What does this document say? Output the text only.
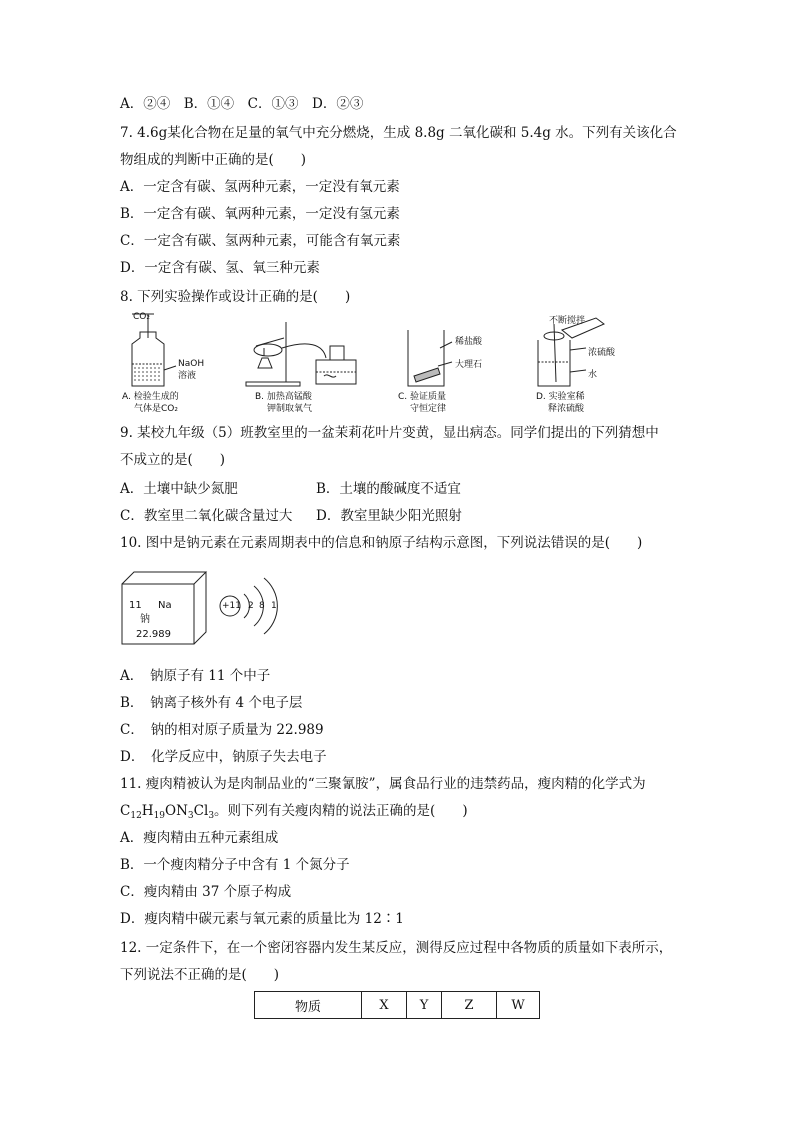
A．②④　B．①④　C．①③　D．②③
7. 4.6g某化合物在足量的氧气中充分燃烧，生成 8.8g 二氧化碳和 5.4g 水。下列有关该化合
物组成的判断中正确的是(　　)
A．一定含有碳、氢两种元素，一定没有氧元素
B．一定含有碳、氧两种元素，一定没有氢元素
C．一定含有碳、氢两种元素，可能含有氧元素
D．一定含有碳、氢、氧三种元素
8. 下列实验操作或设计正确的是(　　)
CO₂
NaOH
溶液
A. 检验生成的
气体是CO₂
B. 加热高锰酸
钾制取氧气
稀盐酸
大理石
C. 验证质量
守恒定律
不断搅拌
浓硫酸
水
D. 实验室稀
释浓硫酸
9. 某校九年级（5）班教室里的一盆茉莉花叶片变黄，显出病态。同学们提出的下列猜想中
不成立的是(　　)
A．土壤中缺少氮肥	B．土壤的酸碱度不适宜
C．教室里二氧化碳含量过大 D．教室里缺少阳光照射
10. 图中是钠元素在元素周期表中的信息和钠原子结构示意图，下列说法错误的是(　　)
11 Na
钠
22.989
+11 2 8 1
A．　钠原子有 11 个中子
B．　钠离子核外有 4 个电子层
C．　钠的相对原子质量为 22.989
D．　化学反应中，钠原子失去电子
11. 瘦肉精被认为是肉制品业的“三聚氰胺”，属食品行业的违禁药品，瘦肉精的化学式为
$C_{12}H_{19}ON_3Cl_3$。则下列有关瘦肉精的说法正确的是(　　)
A．瘦肉精由五种元素组成
B．一个瘦肉精分子中含有 1 个氮分子
C．瘦肉精由 37 个原子构成
D．瘦肉精中碳元素与氧元素的质量比为 12∶1
12. 一定条件下，在一个密闭容器内发生某反应，测得反应过程中各物质的质量如下表所示，
下列说法不正确的是(　　)
物质	X	Y	Z	W
